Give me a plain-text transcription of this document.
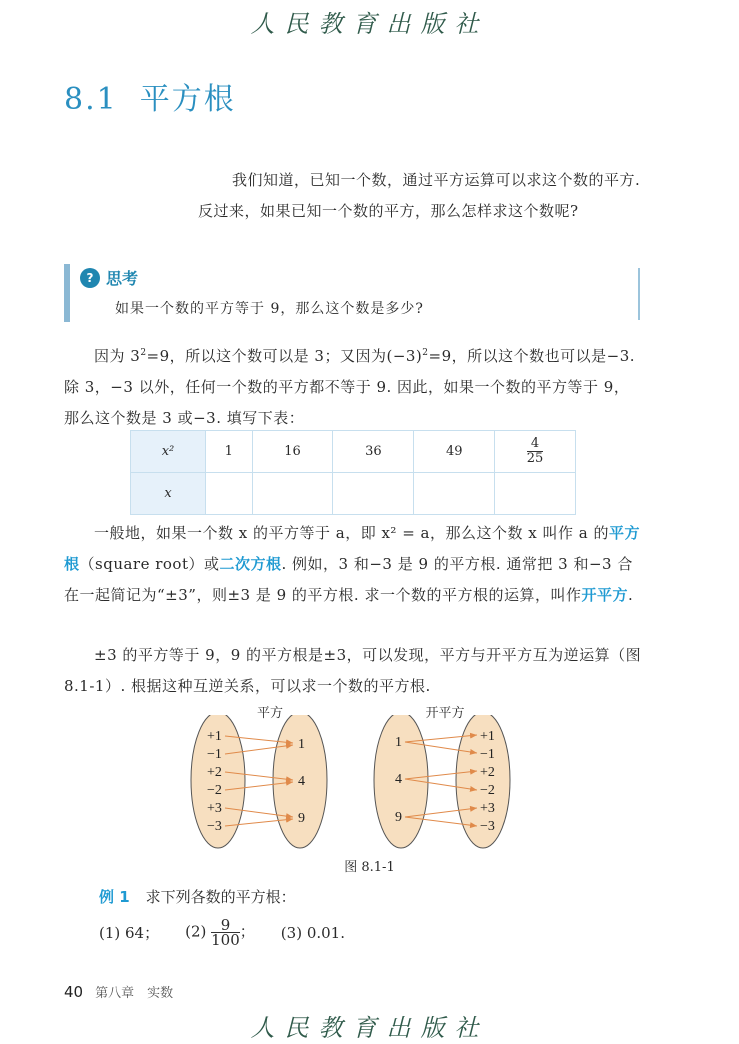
人民教育出版社
8.1 平方根
我们知道，已知一个数，通过平方运算可以求这个数的平方. 反过来，如果已知一个数的平方，那么怎样求这个数呢?
? 思考
如果一个数的平方等于 9，那么这个数是多少?
因为 $3^2=9$，所以这个数可以是 3；又因为$(-3)^2=9$，所以这个数也可以是−3. 除 3，−3 以外，任何一个数的平方都不等于 9. 因此，如果一个数的平方等于 9，那么这个数是 3 或−3. 填写下表：
x²	1	16	36	49	$\frac{4}{25}$

x					
一般地，如果一个数 x 的平方等于 a，即 x² = a，那么这个数 x 叫作 a 的平方根（square root）或二次方根. 例如，3 和−3 是 9 的平方根. 通常把 3 和−3 合在一起简记为“±3”，则±3 是 9 的平方根. 求一个数的平方根的运算，叫作开平方.
±3 的平方等于 9，9 的平方根是±3，可以发现，平方与开平方互为逆运算（图 8.1-1）. 根据这种互逆关系，可以求一个数的平方根.
平方	开平方
+1
−1
+2
−2
+3
−3
1
4
9
1
4
9
+1
−1
+2
−2
+3
−3
图 8.1-1
例 1 求下列各数的平方根：
(1) 64； $(2) \frac{9}{100}$ ； (3) 0.01.
40 第八章　实数
人民教育出版社
